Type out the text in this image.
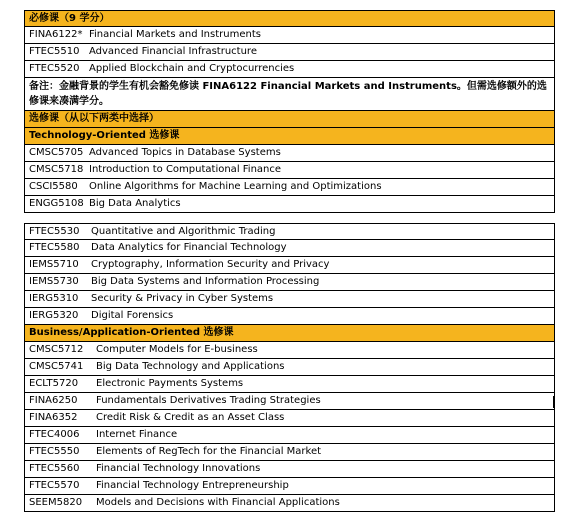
必修课（9 学分）
FINA6122* Financial Markets and Instruments
FTEC5510 Advanced Financial Infrastructure
FTEC5520 Applied Blockchain and Cryptocurrencies
备注：金融背景的学生有机会豁免修读 FINA6122 Financial Markets and Instruments。但需选修额外的选修课来凑满学分。
选修课（从以下两类中选择）
Technology-Oriented 选修课
CMSC5705 Advanced Topics in Database Systems
CMSC5718 Introduction to Computational Finance
CSCI5580	Online Algorithms for Machine Learning and Optimizations
ENGG5108 Big Data Analytics
FTEC5530	Quantitative and Algorithmic Trading
FTEC5580	Data Analytics for Financial Technology
IEMS5710	Cryptography, Information Security and Privacy
IEMS5730	Big Data Systems and Information Processing
IERG5310	Security & Privacy in Cyber Systems
IERG5320	Digital Forensics
Business/Application-Oriented 选修课
CMSC5712	Computer Models for E-business
CMSC5741	Big Data Technology and Applications
ECLT5720	Electronic Payments Systems
FINA6250	Fundamentals Derivatives Trading Strategies
FINA6352	Credit Risk & Credit as an Asset Class
FTEC4006	Internet Finance
FTEC5550	Elements of RegTech for the Financial Market
FTEC5560	Financial Technology Innovations
FTEC5570	Financial Technology Entrepreneurship
SEEM5820	Models and Decisions with Financial Applications
